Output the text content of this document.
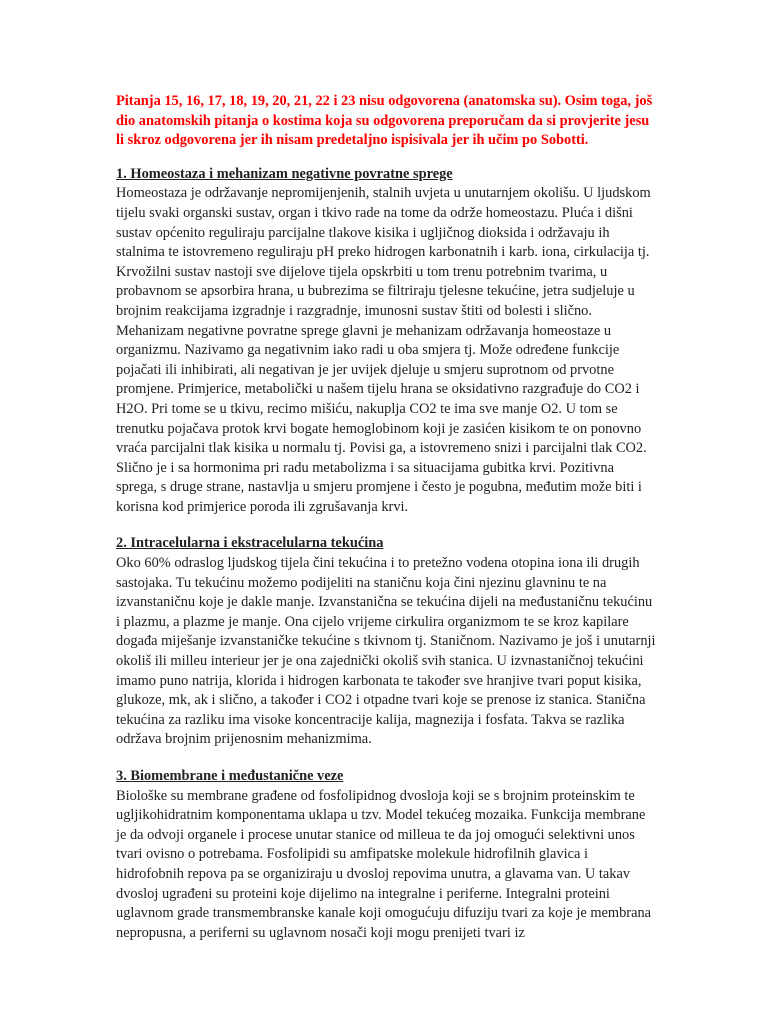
Pitanja 15, 16, 17, 18, 19, 20, 21, 22 i 23 nisu odgovorena (anatomska su). Osim toga, još dio anatomskih pitanja o kostima koja su odgovorena preporučam da si provjerite jesu li skroz odgovorena jer ih nisam predetaljno ispisivala jer ih učim po Sobotti.

1. Homeostaza i mehanizam negativne povratne sprege

Homeostaza je održavanje nepromijenjenih, stalnih uvjeta u unutarnjem okolišu. U ljudskom tijelu svaki organski sustav, organ i tkivo rade na tome da održe homeostazu. Pluća i dišni sustav općenito reguliraju parcijalne tlakove kisika i ugljičnog dioksida i održavaju ih stalnima te istovremeno reguliraju pH preko hidrogen karbonatnih i karb. iona, cirkulacija tj. Krvožilni sustav nastoji sve dijelove tijela opskrbiti u tom trenu potrebnim tvarima, u probavnom se apsorbira hrana, u bubrezima se filtriraju tjelesne tekućine, jetra sudjeluje u brojnim reakcijama izgradnje i razgradnje, imunosni sustav štiti od bolesti i slično. Mehanizam negativne povratne sprege glavni je mehanizam održavanja homeostaze u organizmu. Nazivamo ga negativnim iako radi u oba smjera tj. Može određene funkcije pojačati ili inhibirati, ali negativan je jer uvijek djeluje u smjeru suprotnom od prvotne promjene. Primjerice, metabolički u našem tijelu hrana se oksidativno razgrađuje do CO2 i H2O. Pri tome se u tkivu, recimo mišiću, nakuplja CO2 te ima sve manje O2. U tom se trenutku pojačava protok krvi bogate hemoglobinom koji je zasićen kisikom te on ponovno vraća parcijalni tlak kisika u normalu tj. Povisi ga, a istovremeno snizi i parcijalni tlak CO2. Slično je i sa hormonima pri radu metabolizma i sa situacijama gubitka krvi. Pozitivna sprega, s druge strane, nastavlja u smjeru promjene i često je pogubna, međutim može biti i korisna kod primjerice poroda ili zgrušavanja krvi.

2. Intracelularna i ekstracelularna tekućina

Oko 60% odraslog ljudskog tijela čini tekućina i to pretežno vodena otopina iona ili drugih sastojaka. Tu tekućinu možemo podijeliti na staničnu koja čini njezinu glavninu te na izvanstaničnu koje je dakle manje. Izvanstanična se tekućina dijeli na međustaničnu tekućinu i plazmu, a plazme je manje. Ona cijelo vrijeme cirkulira organizmom te se kroz kapilare događa miješanje izvanstaničke tekućine s tkivnom tj. Staničnom. Nazivamo je još i unutarnji okoliš ili milleu interieur jer je ona zajednički okoliš svih stanica. U izvnastaničnoj tekućini imamo puno natrija, klorida i hidrogen karbonata te također sve hranjive tvari poput kisika, glukoze, mk, ak i slično, a također i CO2 i otpadne tvari koje se prenose iz stanica. Stanična tekućina za razliku ima visoke koncentracije kalija, magnezija i fosfata. Takva se razlika održava brojnim prijenosnim mehanizmima.

3. Biomembrane i međustanične veze

Biološke su membrane građene od fosfolipidnog dvosloja koji se s brojnim proteinskim te ugljikohidratnim komponentama uklapa u tzv. Model tekućeg mozaika. Funkcija membrane je da odvoji organele i procese unutar stanice od milleua te da joj omogući selektivni unos tvari ovisno o potrebama. Fosfolipidi su amfipatske molekule hidrofilnih glavica i hidrofobnih repova pa se organiziraju u dvosloj repovima unutra, a glavama van. U takav dvosloj ugrađeni su proteini koje dijelimo na integralne i periferne. Integralni proteini uglavnom grade transmembranske kanale koji omogućuju difuziju tvari za koje je membrana nepropusna, a periferni su uglavnom nosači koji mogu prenijeti tvari iz
